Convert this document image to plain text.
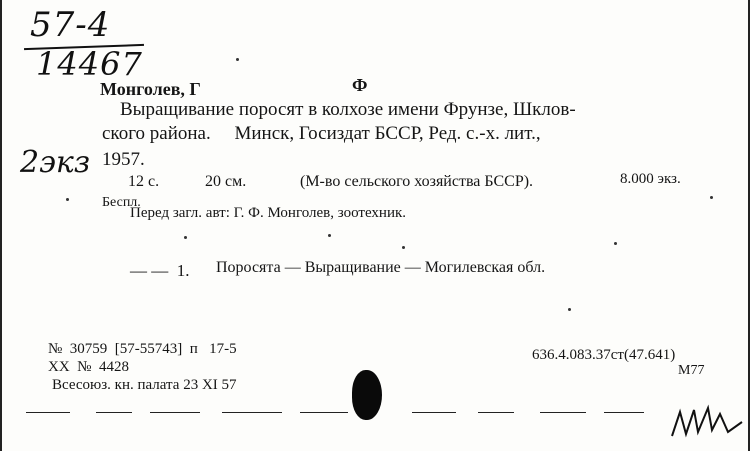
57-4
14467
Монголев, Г	Ф
Выращивание поросят в колхозе имени Фрунзе, Шклов-
ского района.     Минск, Госиздат БССР, Ред. с.-х. лит.,
2экз 1957.
12 с.	20 см.	(М-во сельского хозяйства БССР).	8.000 экз.
Беспл.
Перед загл. авт: Г. Ф. Монголев, зоотехник.
— —  1. Поросята — Выращивание — Могилевская обл.
№  30759  [57-55743]  п   17-5
XX  №  4428
Всесоюз. кн. палата 23 XI 57
636.4.083.37ст(47.641)
M77
